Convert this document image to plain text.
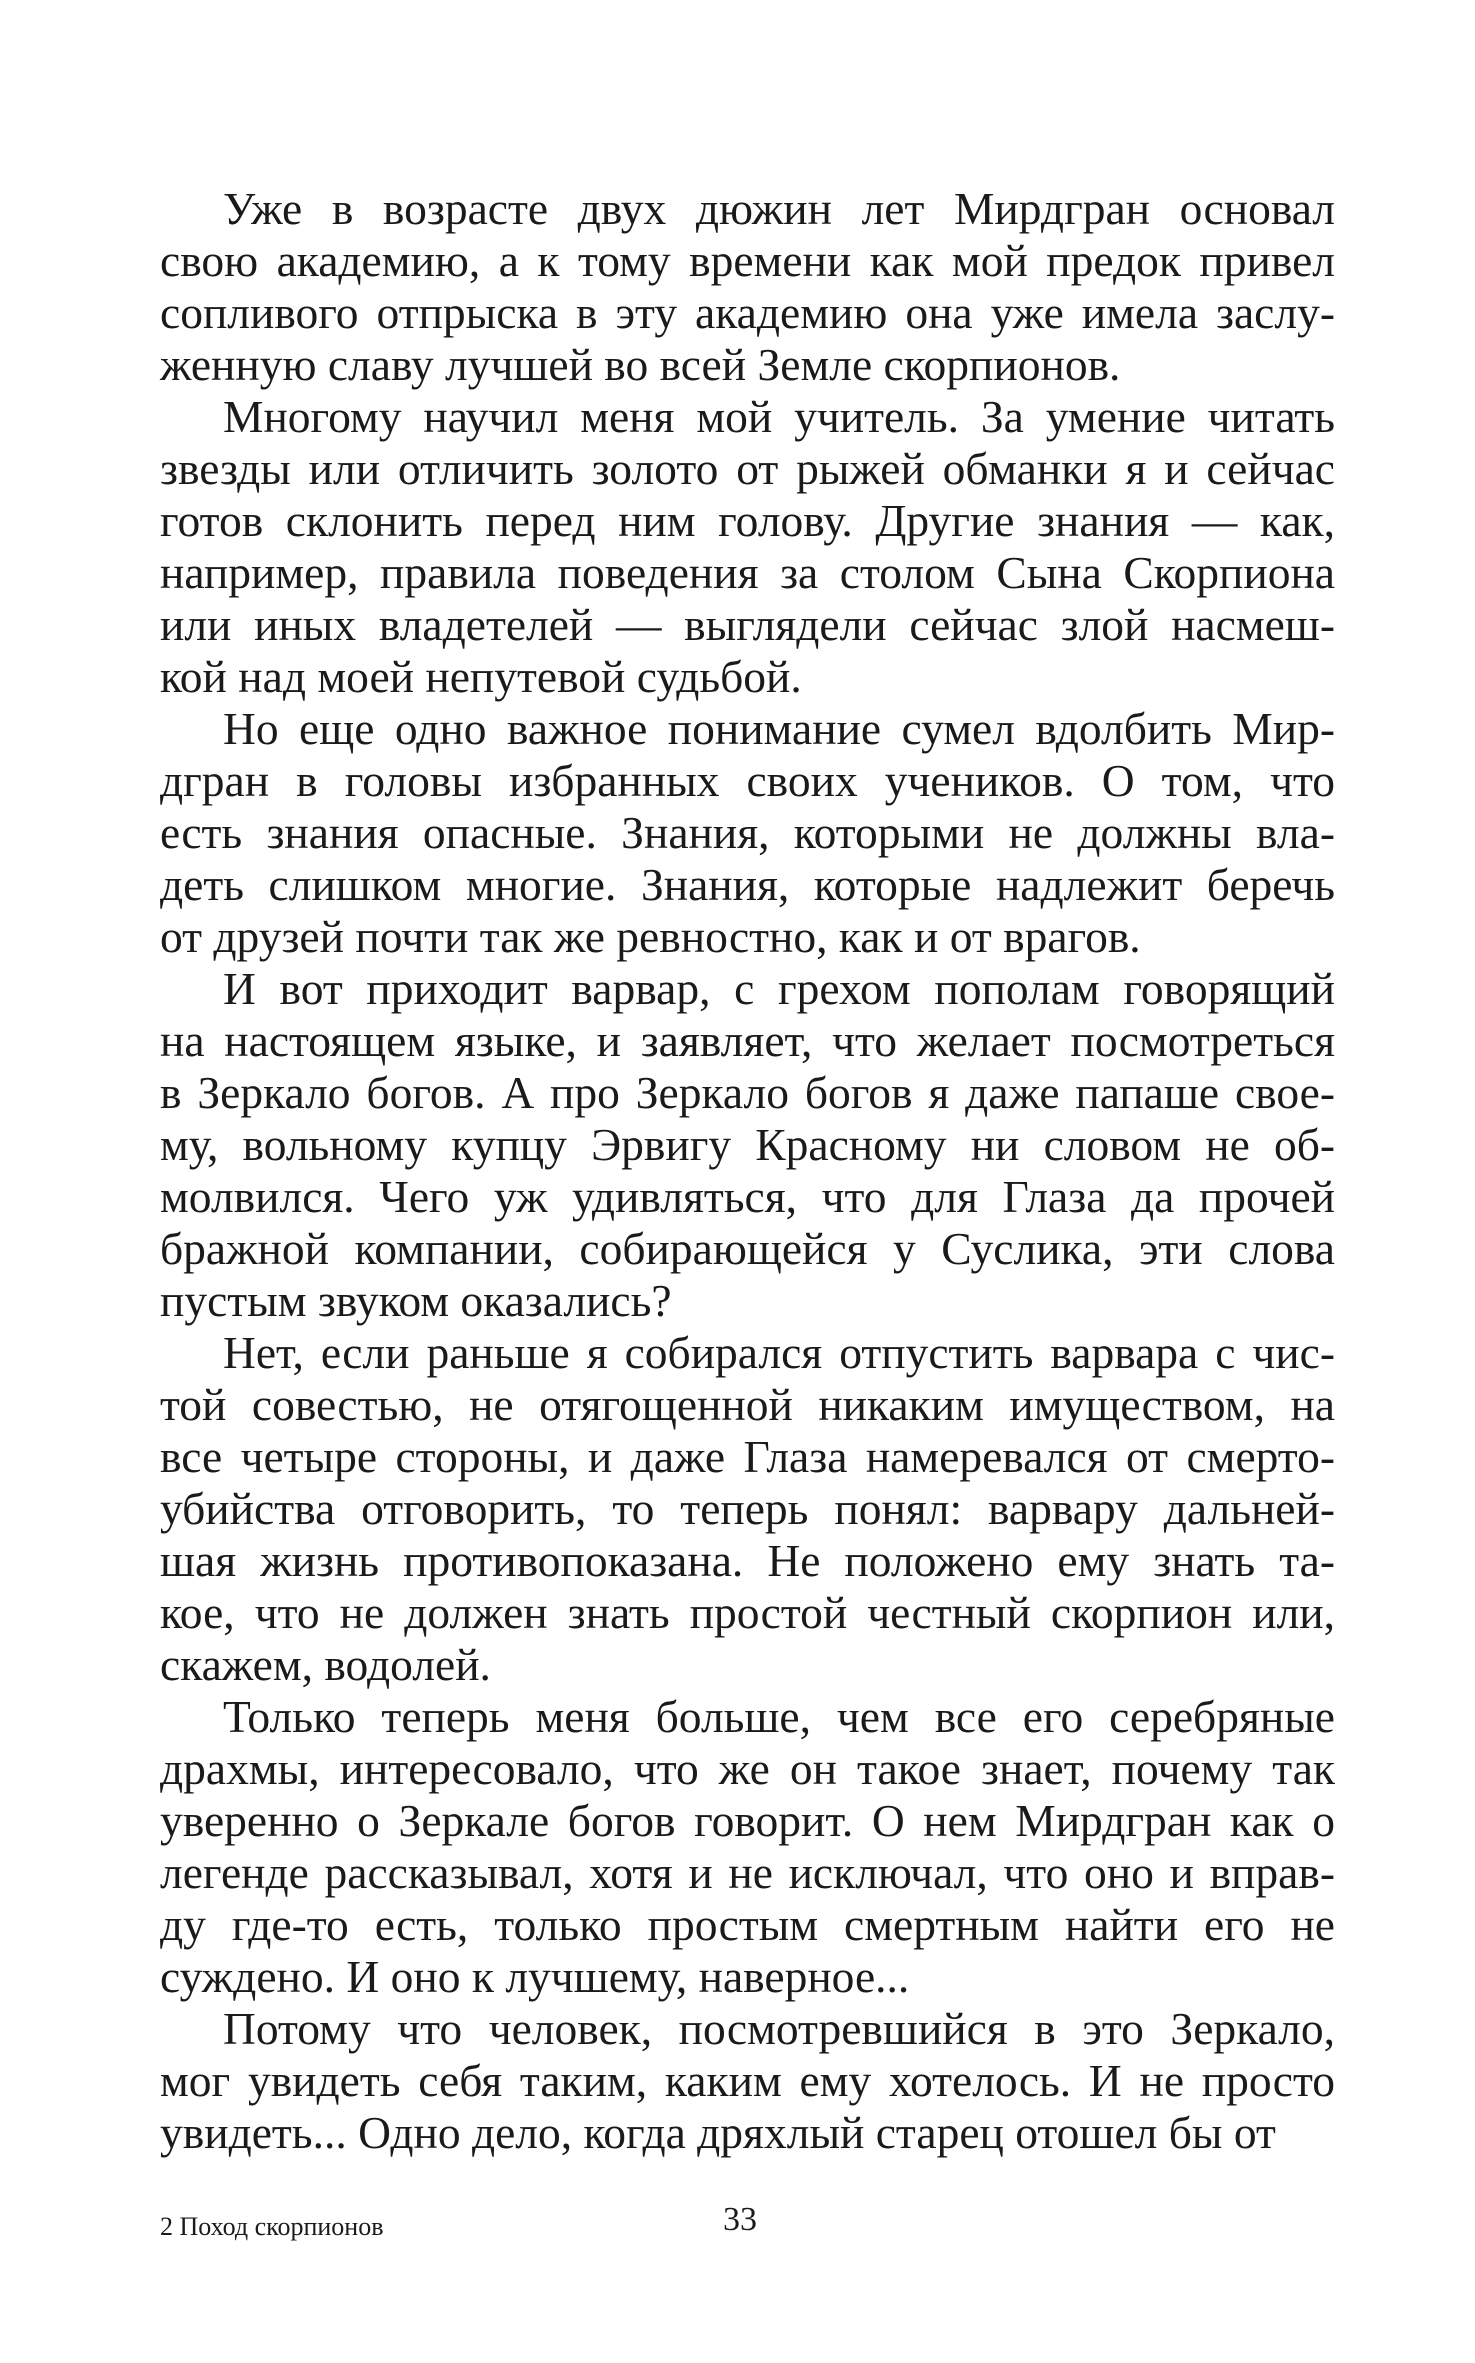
Уже в возрасте двух дюжин лет Мирдгран основал
свою академию, а к тому времени как мой предок привел
сопливого отпрыска в эту академию она уже имела заслу-
женную славу лучшей во всей Земле скорпионов.
Многому научил меня мой учитель. За умение читать
звезды или отличить золото от рыжей обманки я и сейчас
готов склонить перед ним голову. Другие знания — как,
например, правила поведения за столом Сына Скорпиона
или иных владетелей — выглядели сейчас злой насмеш-
кой над моей непутевой судьбой.
Но еще одно важное понимание сумел вдолбить Мир-
дгран в головы избранных своих учеников. О том, что
есть знания опасные. Знания, которыми не должны вла-
деть слишком многие. Знания, которые надлежит беречь
от друзей почти так же ревностно, как и от врагов.
И вот приходит варвар, с грехом пополам говорящий
на настоящем языке, и заявляет, что желает посмотреться
в Зеркало богов. А про Зеркало богов я даже папаше свое-
му, вольному купцу Эрвигу Красному ни словом не об-
молвился. Чего уж удивляться, что для Глаза да прочей
бражной компании, собирающейся у Суслика, эти слова
пустым звуком оказались?
Нет, если раньше я собирался отпустить варвара с чис-
той совестью, не отягощенной никаким имуществом, на
все четыре стороны, и даже Глаза намеревался от смерто-
убийства отговорить, то теперь понял: варвару дальней-
шая жизнь противопоказана. Не положено ему знать та-
кое, что не должен знать простой честный скорпион или,
скажем, водолей.
Только теперь меня больше, чем все его серебряные
драхмы, интересовало, что же он такое знает, почему так
уверенно о Зеркале богов говорит. О нем Мирдгран как о
легенде рассказывал, хотя и не исключал, что оно и вправ-
ду где-то есть, только простым смертным найти его не
суждено. И оно к лучшему, наверное...
Потому что человек, посмотревшийся в это Зеркало,
мог увидеть себя таким, каким ему хотелось. И не просто
увидеть... Одно дело, когда дряхлый старец отошел бы от
2 Поход скорпионов	33
